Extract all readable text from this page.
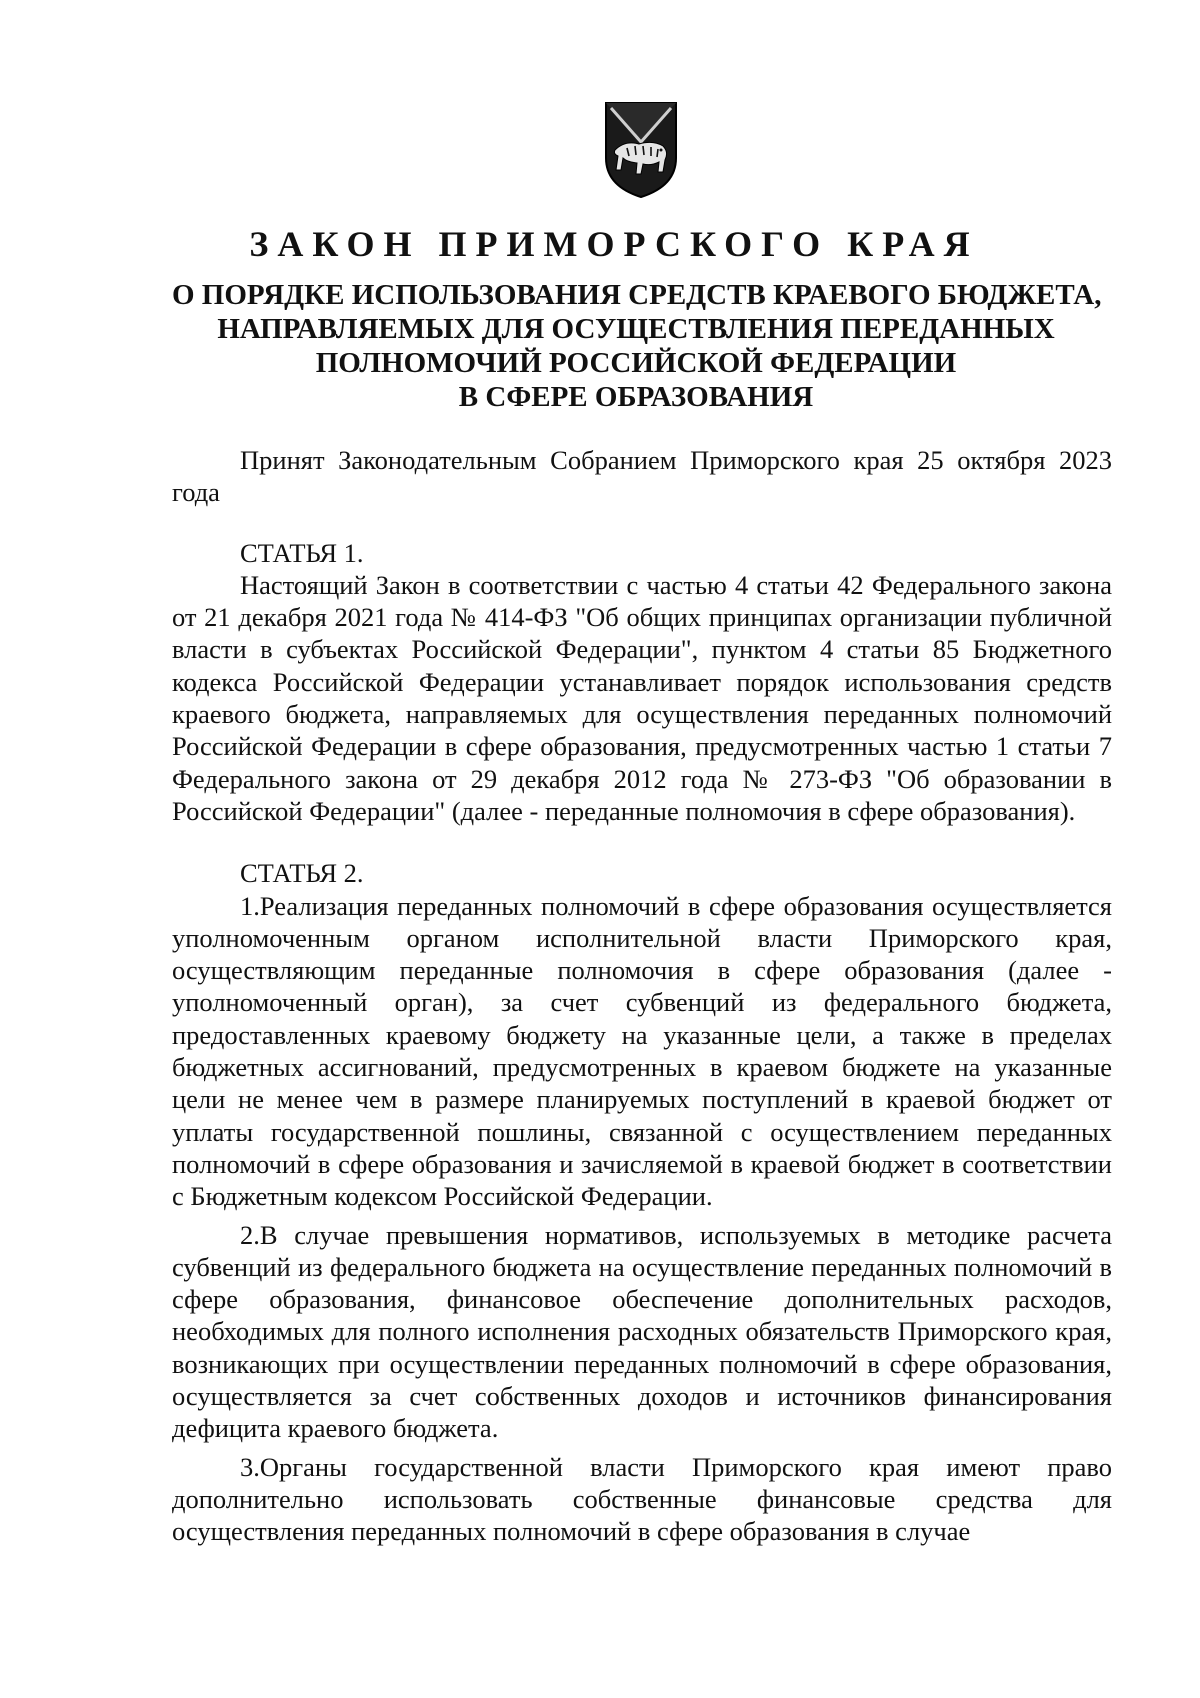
ЗАКОН ПРИМОРСКОГО КРАЯ
О ПОРЯДКЕ ИСПОЛЬЗОВАНИЯ СРЕДСТВ КРАЕВОГО БЮДЖЕТА,
НАПРАВЛЯЕМЫХ ДЛЯ ОСУЩЕСТВЛЕНИЯ ПЕРЕДАННЫХ
ПОЛНОМОЧИЙ РОССИЙСКОЙ ФЕДЕРАЦИИ
В СФЕРЕ ОБРАЗОВАНИЯ

Принят Законодательным Собранием Приморского края 25 октября 2023 года

СТАТЬЯ 1.

Настоящий Закон в соответствии с частью 4 статьи 42 Федерального закона от 21 декабря 2021 года № 414-ФЗ "Об общих принципах организации публичной власти в субъектах Российской Федерации", пунктом 4 статьи 85 Бюджетного кодекса Российской Федерации устанавливает порядок использования средств краевого бюджета, направляемых для осуществления переданных полномочий Российской Федерации в сфере образования, предусмотренных частью 1 статьи 7 Федерального закона от 29 декабря 2012 года № 273-ФЗ "Об образовании в Российской Федерации" (далее - переданные полномочия в сфере образования).

СТАТЬЯ 2.

1.Реализация переданных полномочий в сфере образования осуществляется уполномоченным органом исполнительной власти Приморского края, осуществляющим переданные полномочия в сфере образования (далее - уполномоченный орган), за счет субвенций из федерального бюджета, предоставленных краевому бюджету на указанные цели, а также в пределах бюджетных ассигнований, предусмотренных в краевом бюджете на указанные цели не менее чем в размере планируемых поступлений в краевой бюджет от уплаты государственной пошлины, связанной с осуществлением переданных полномочий в сфере образования и зачисляемой в краевой бюджет в соответствии с Бюджетным кодексом Российской Федерации.

2.В случае превышения нормативов, используемых в методике расчета субвенций из федерального бюджета на осуществление переданных полномочий в сфере образования, финансовое обеспечение дополнительных расходов, необходимых для полного исполнения расходных обязательств Приморского края, возникающих при осуществлении переданных полномочий в сфере образования, осуществляется за счет собственных доходов и источников финансирования дефицита краевого бюджета.

3.Органы государственной власти Приморского края имеют право дополнительно использовать собственные финансовые средства для осуществления переданных полномочий в сфере образования в случае
